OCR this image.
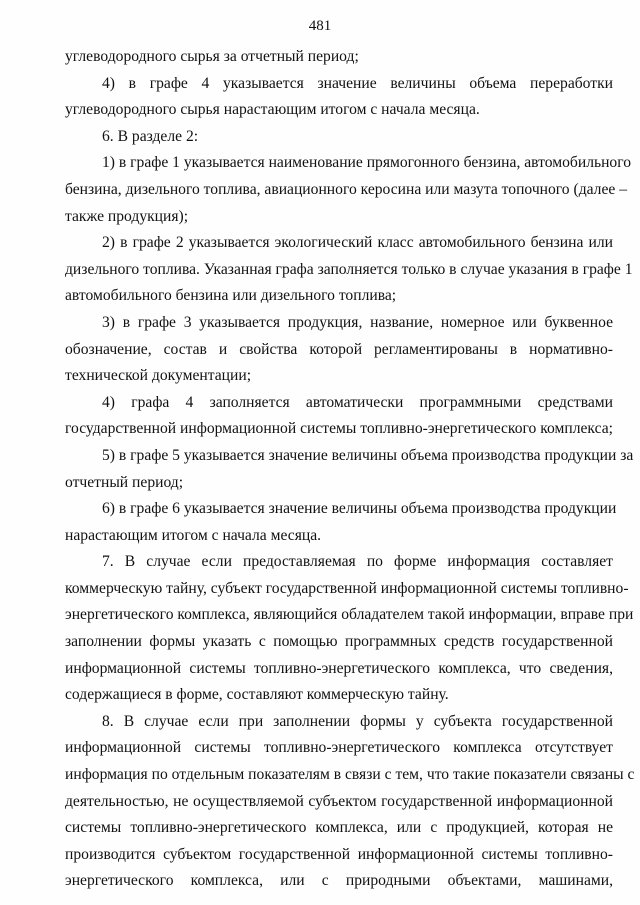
481
углеводородного сырья за отчетный период;
4) в графе 4 указывается значение величины объема переработки
углеводородного сырья нарастающим итогом с начала месяца.
6. В разделе 2:
1) в графе 1 указывается наименование прямогонного бензина, автомобильного
бензина, дизельного топлива, авиационного керосина или мазута топочного (далее –
также продукция);
2) в графе 2 указывается экологический класс автомобильного бензина или
дизельного топлива. Указанная графа заполняется только в случае указания в графе 1
автомобильного бензина или дизельного топлива;
3) в графе 3 указывается продукция, название, номерное или буквенное
обозначение, состав и свойства которой регламентированы в нормативно-
технической документации;
4) графа 4 заполняется автоматически программными средствами
государственной информационной системы топливно-энергетического комплекса;
5) в графе 5 указывается значение величины объема производства продукции за
отчетный период;
6) в графе 6 указывается значение величины объема производства продукции
нарастающим итогом с начала месяца.
7. В случае если предоставляемая по форме информация составляет
коммерческую тайну, субъект государственной информационной системы топливно-
энергетического комплекса, являющийся обладателем такой информации, вправе при
заполнении формы указать с помощью программных средств государственной
информационной системы топливно-энергетического комплекса, что сведения,
содержащиеся в форме, составляют коммерческую тайну.
8. В случае если при заполнении формы у субъекта государственной
информационной системы топливно-энергетического комплекса отсутствует
информация по отдельным показателям в связи с тем, что такие показатели связаны с
деятельностью, не осуществляемой субъектом государственной информационной
системы топливно-энергетического комплекса, или с продукцией, которая не
производится субъектом государственной информационной системы топливно-
энергетического комплекса, или с природными объектами, машинами,
